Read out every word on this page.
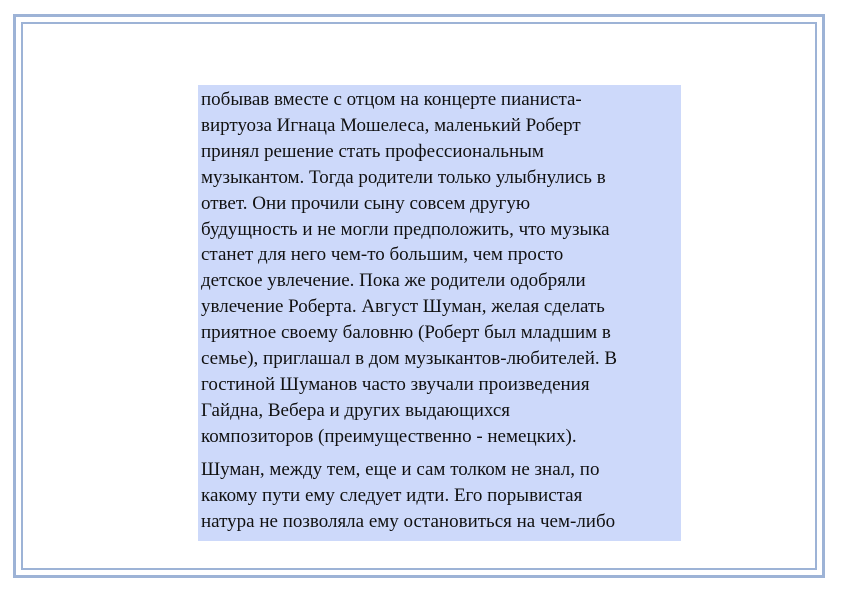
побывав вместе с отцом на концерте пианиста-
виртуоза Игнаца Мошелеса, маленький Роберт
принял решение стать профессиональным
музыкантом. Тогда родители только улыбнулись в
ответ. Они прочили сыну совсем другую
будущность и не могли предположить, что музыка
станет для него чем-то большим, чем просто
детское увлечение. Пока же родители одобряли
увлечение Роберта. Август Шуман, желая сделать
приятное своему баловню (Роберт был младшим в
семье), приглашал в дом музыкантов-любителей. В
гостиной Шуманов часто звучали произведения
Гайдна, Вебера и других выдающихся
композиторов (преимущественно - немецких).

Шуман, между тем, еще и сам толком не знал, по
какому пути ему следует идти. Его порывистая
натура не позволяла ему остановиться на чем-либо
